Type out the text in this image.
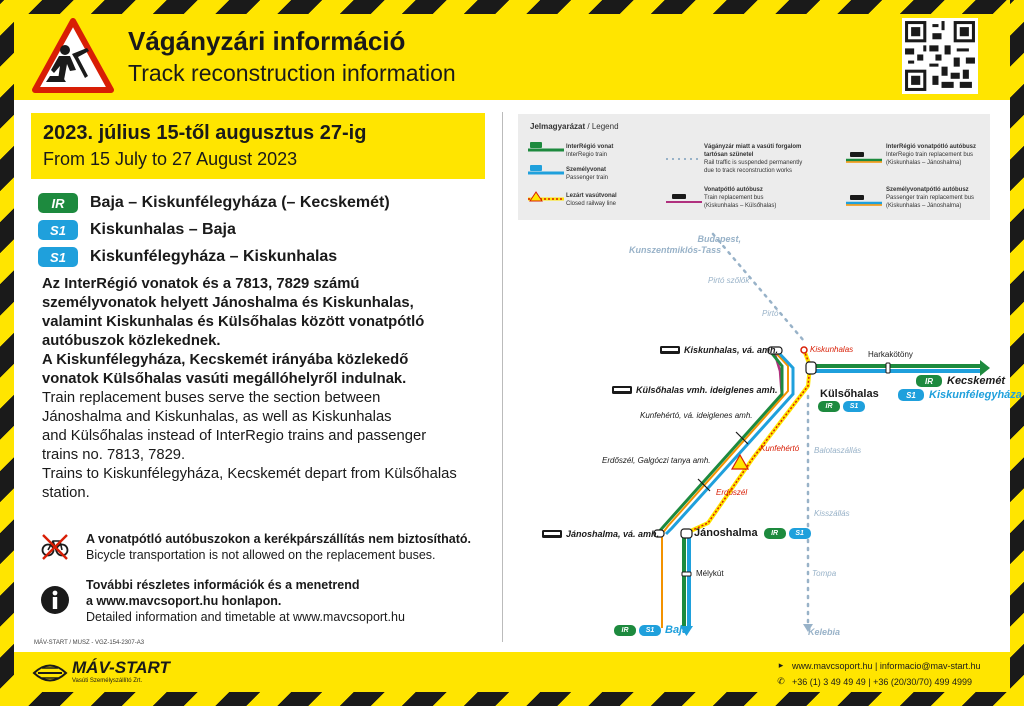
Vágányzári információ
Track reconstruction information
2023. július 15-től augusztus 27-ig
From 15 July to 27 August 2023
IR	Baja – Kiskunfélegyháza (– Kecskemét)
S1	Kiskunhalas – Baja
S1	Kiskunfélegyháza – Kiskunhalas
Az InterRégió vonatok és a 7813, 7829 számú
személyvonatok helyett Jánoshalma és Kiskunhalas,
valamint Kiskunhalas és Külsőhalas között vonatpótló
autóbuszok közlekednek.
A Kiskunfélegyháza, Kecskemét irányába közlekedő
vonatok Külsőhalas vasúti megállóhelyről indulnak.
Train replacement buses serve the section between
Jánoshalma and Kiskunhalas, as well as Kiskunhalas
and Külsőhalas instead of InterRegio trains and passenger
trains no. 7813, 7829.
Trains to Kiskunfélegyháza, Kecskemét depart from Külsőhalas
station.
A vonatpótló autóbuszokon a kerékpárszállítás nem biztosítható.
Bicycle transportation is not allowed on the replacement buses.
További részletes információk és a menetrend
a www.mavcsoport.hu honlapon.
Detailed information and timetable at www.mavcsoport.hu
MÁV-START / MUSZ - VGZ-154-2307-A3
Jelmagyarázat / Legend
InterRégió vonat
InterRegio train
Személyvonat
Passenger train
Lezárt vasútvonal
Closed railway line
Vágányzár miatt a vasúti forgalom
tartósan szünetel
Rail traffic is suspended permanently
due to track reconstruction works
Vonatpótló autóbusz
Train replacement bus
(Kiskunhalas – Külsőhalas)
InterRégió vonatpótló autóbusz
InterRegio train replacement bus
(Kiskunhalas – Jánoshalma)
Személyvonatpótló autóbusz
Passenger train replacement bus
(Kiskunhalas – Jánoshalma)
Budapest,
Kunszentmiklós-Tass
Pirtó szőlők
Pirtó
Kiskunhalas, vá. amh.	Kiskunhalas
Harkakötöny
IR	Kecskemét
S1	Kiskunfélegyháza
Külsőhalas vmh. ideiglenes amh.	Külsőhalas
IR	S1
Kunfehértó, vá. ideiglenes amh.
Kunfehértó Balotaszállás
Erdőszél, Galgóczi tanya amh.
Erdőszél
Kisszállás
Jánoshalma, vá. amh.	Jánoshalma	IR	S1
Mélykút	Tompa
IR	S1 Baja	Kelebia
MÁV-START
Vasúti Személyszállító Zrt.
▸ www.mavcsoport.hu | informacio@mav-start.hu
✆ +36 (1) 3 49 49 49 | +36 (20/30/70) 499 4999
